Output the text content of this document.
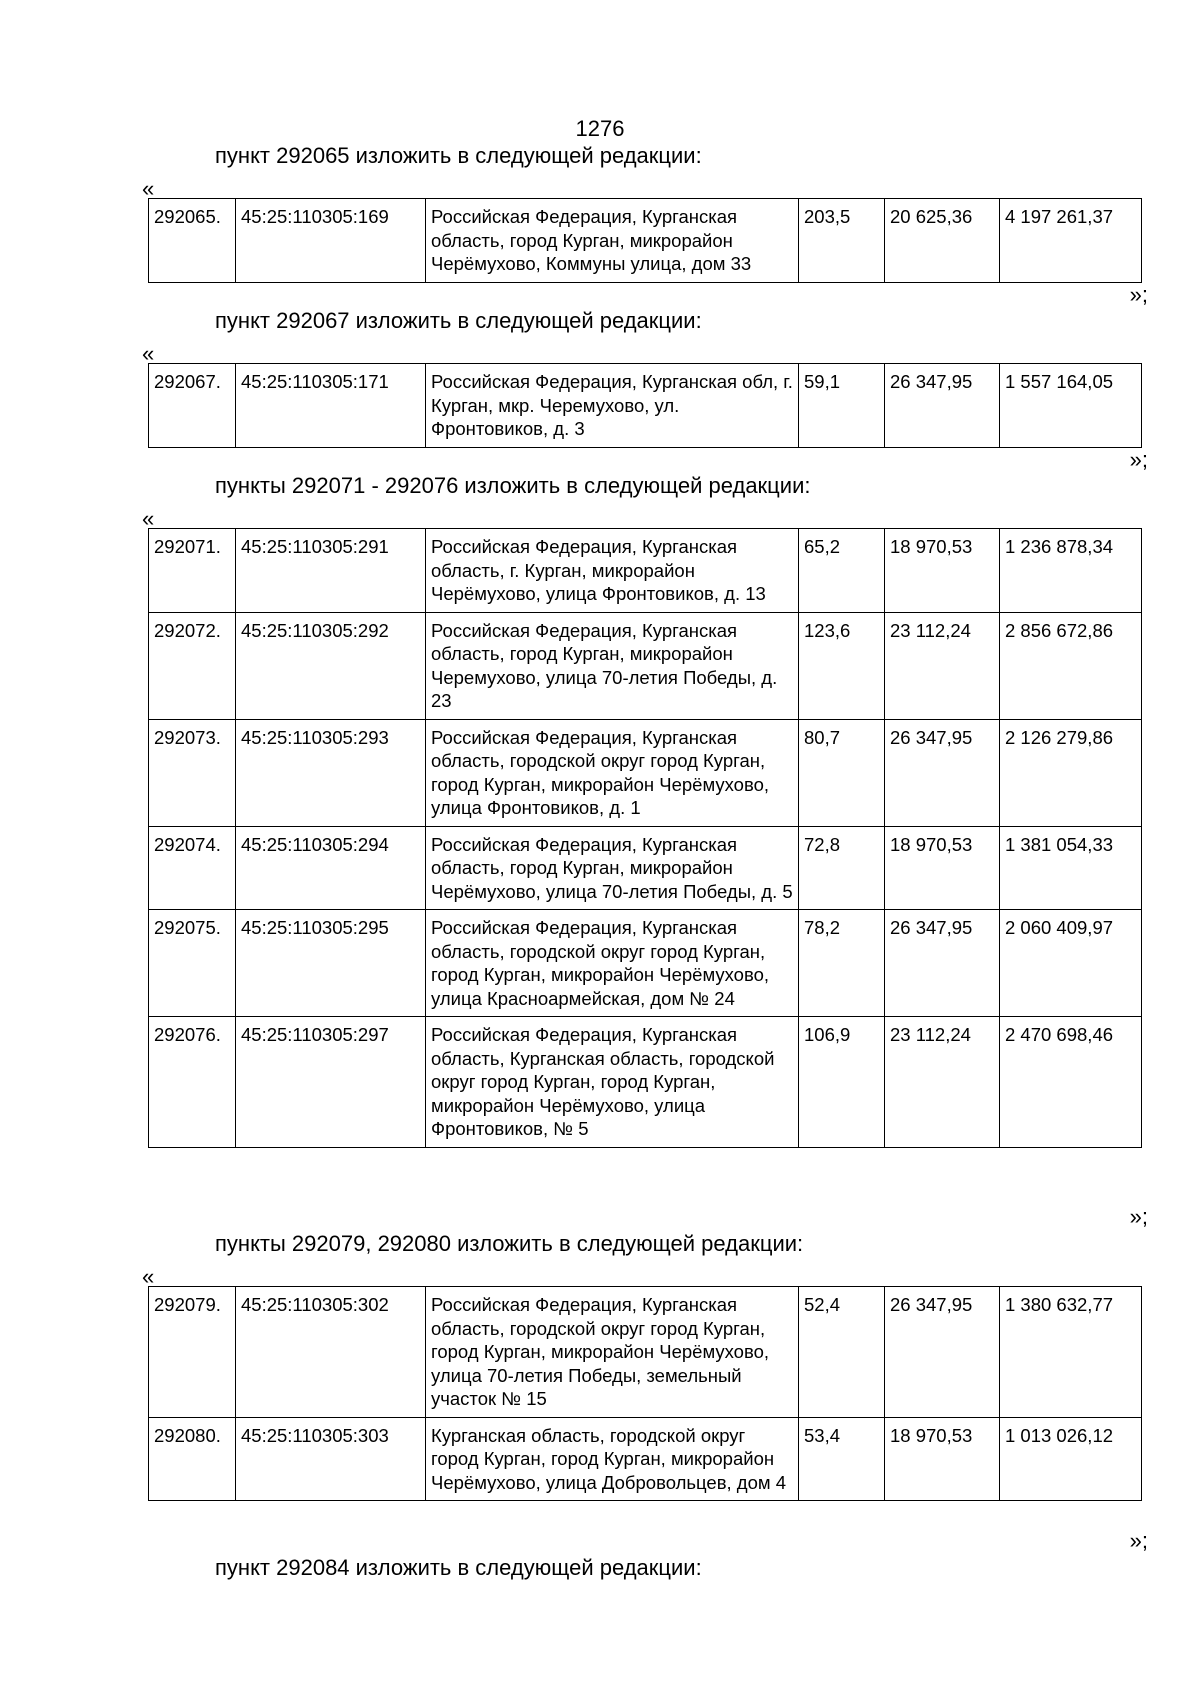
1276
пункт 292065 изложить в следующей редакции:
«
292065.	45:25:110305:169	Российская Федерация, Курганская область, город Курган, микрорайон Черёмухово, Коммуны улица, дом 33	203,5	20 625,36	4 197 261,37
»;
пункт 292067 изложить в следующей редакции:
«
292067.	45:25:110305:171	Российская Федерация, Курганская обл, г. Курган, мкр. Черемухово, ул. Фронтовиков, д. 3	59,1	26 347,95	1 557 164,05
»;
пункты 292071 - 292076 изложить в следующей редакции:
«
292071.	45:25:110305:291	Российская Федерация, Курганская область, г. Курган, микрорайон Черёмухово, улица Фронтовиков, д. 13	65,2	18 970,53	1 236 878,34
292072.	45:25:110305:292	Российская Федерация, Курганская область, город Курган, микрорайон Черемухово, улица 70-летия Победы, д. 23	123,6	23 112,24	2 856 672,86
292073.	45:25:110305:293	Российская Федерация, Курганская область, городской округ город Курган, город Курган, микрорайон Черёмухово, улица Фронтовиков, д. 1	80,7	26 347,95	2 126 279,86
292074.	45:25:110305:294	Российская Федерация, Курганская область, город Курган, микрорайон Черёмухово, улица 70-летия Победы, д. 5	72,8	18 970,53	1 381 054,33
292075.	45:25:110305:295	Российская Федерация, Курганская область, городской округ город Курган, город Курган, микрорайон Черёмухово, улица Красноармейская, дом № 24	78,2	26 347,95	2 060 409,97
292076.	45:25:110305:297	Российская Федерация, Курганская область, Курганская область, городской округ город Курган, город Курган, микрорайон Черёмухово, улица Фронтовиков, № 5	106,9	23 112,24	2 470 698,46
»;
пункты 292079, 292080 изложить в следующей редакции:
«
292079.	45:25:110305:302	Российская Федерация, Курганская область, городской округ город Курган, город Курган, микрорайон Черёмухово, улица 70-летия Победы, земельный участок № 15	52,4	26 347,95	1 380 632,77
292080.	45:25:110305:303	Курганская область, городской округ город Курган, город Курган, микрорайон Черёмухово, улица Добровольцев, дом 4	53,4	18 970,53	1 013 026,12
»;
пункт 292084 изложить в следующей редакции:
